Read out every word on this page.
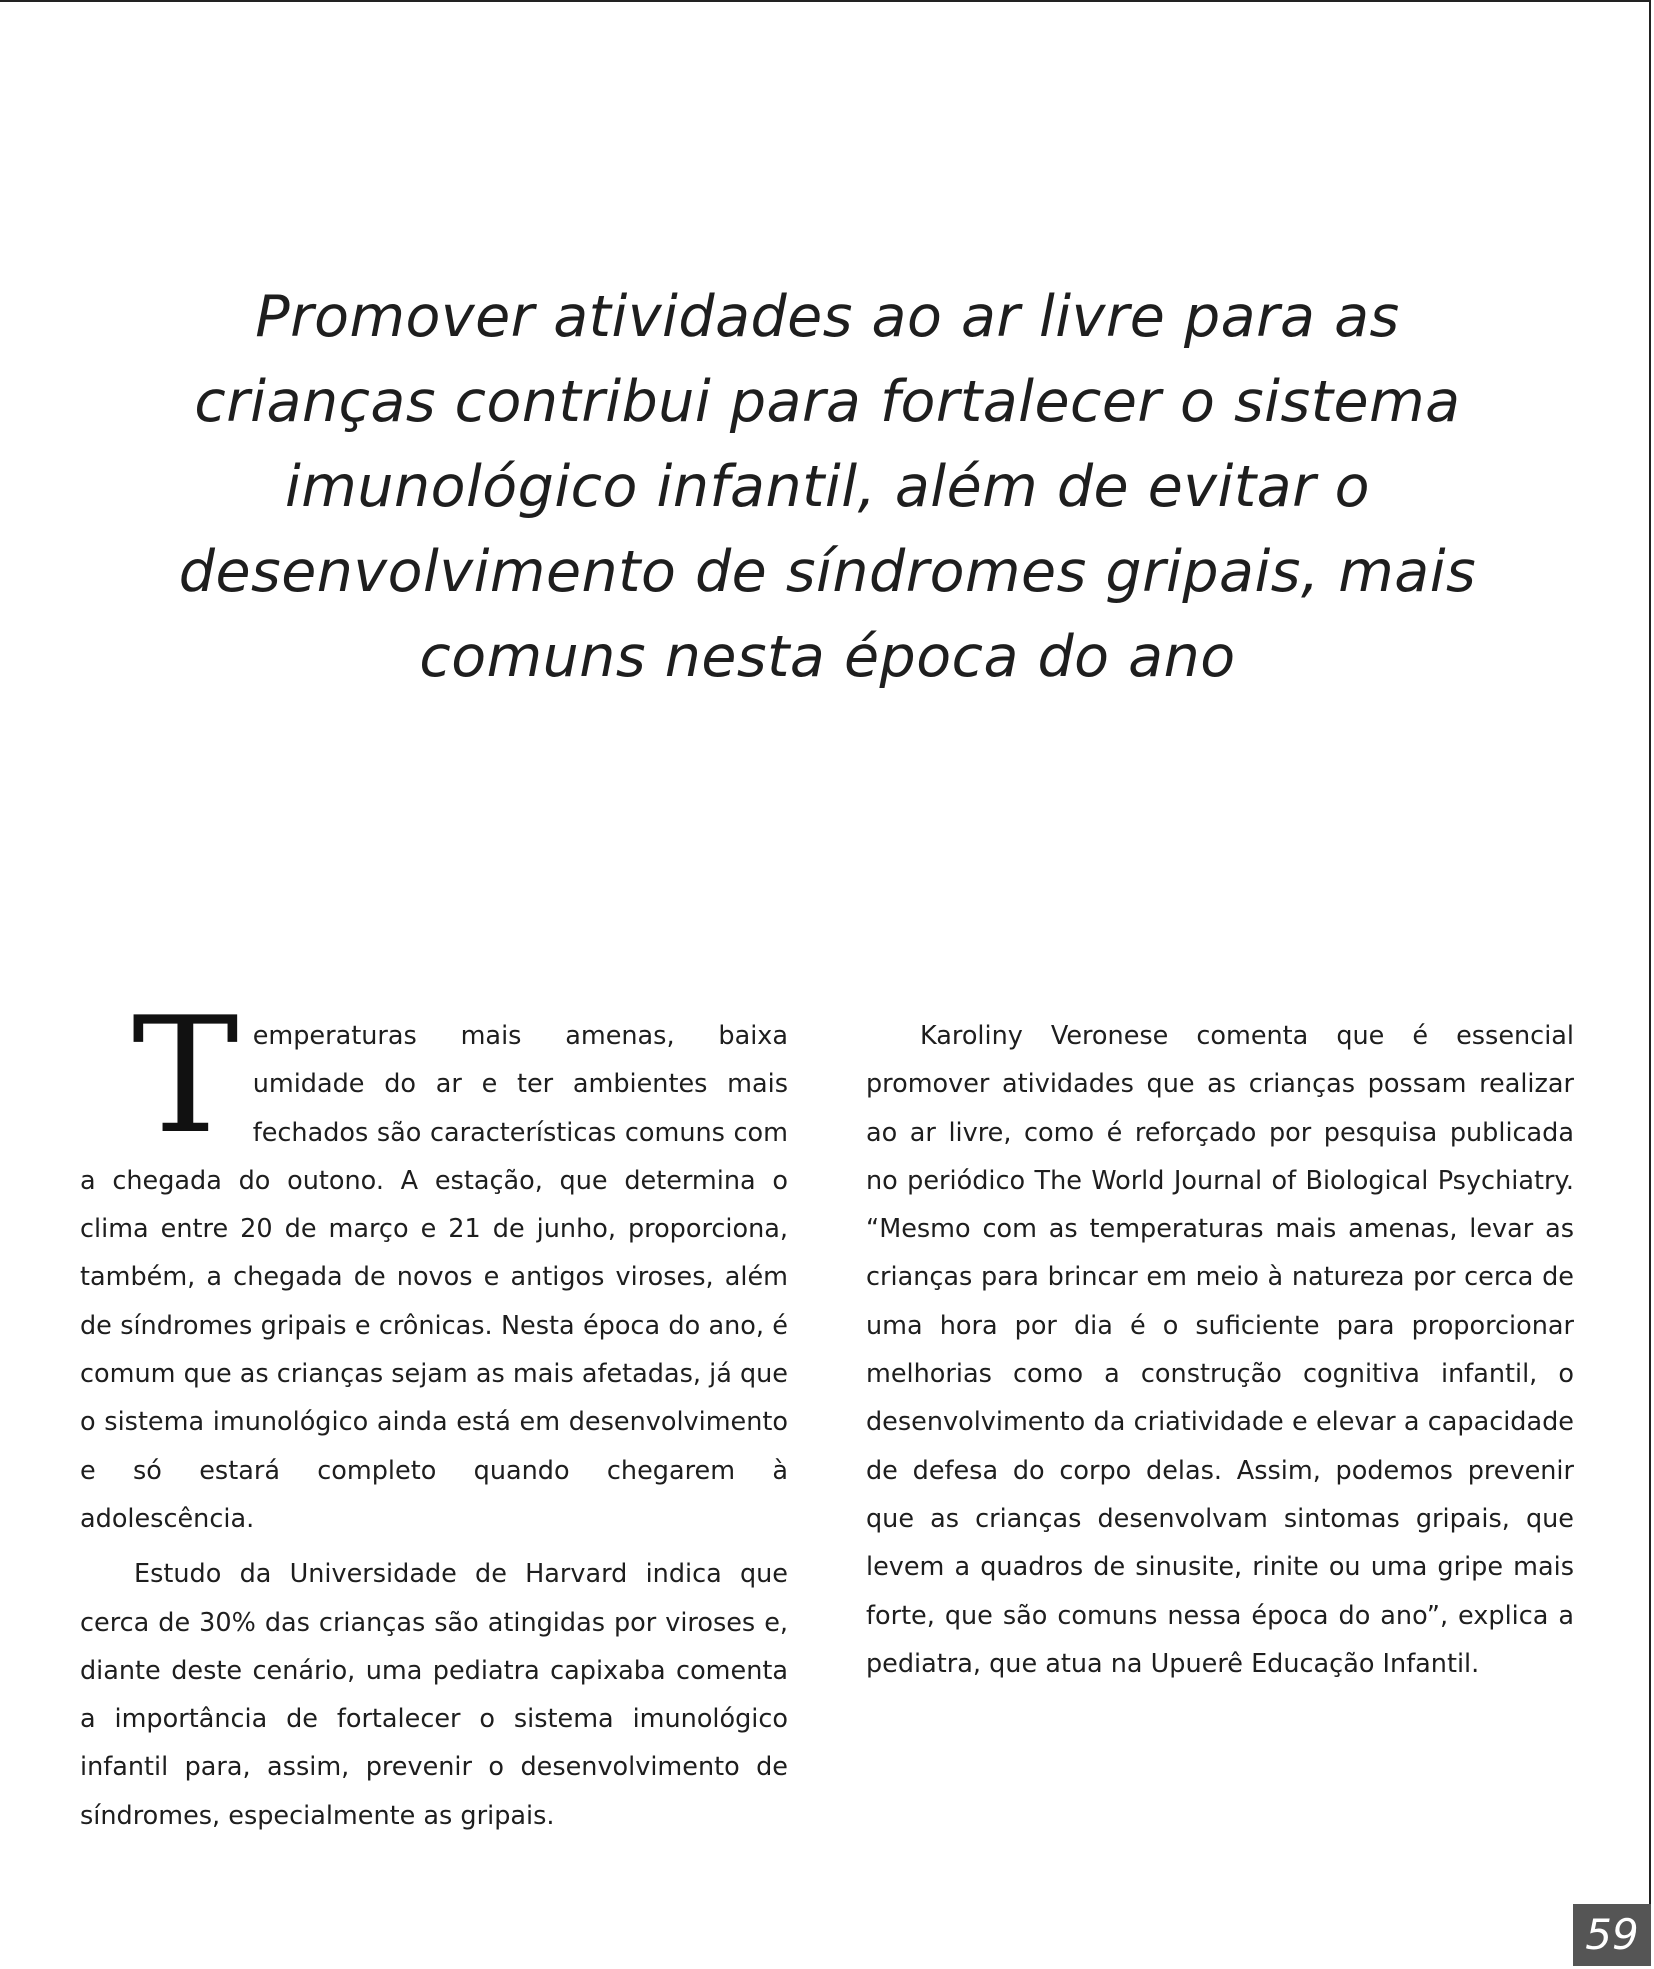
Promover atividades ao ar livre para as crianças contribui para fortalecer o sistema imunológico infantil, além de evitar o desenvolvimento de síndromes gripais, mais comuns nesta época do ano

Temperaturas mais amenas, baixa umidade do ar e ter ambientes mais fechados são características comuns com a chegada do outono. A estação, que determina o clima entre 20 de março e 21 de junho, proporciona, também, a chegada de novos e antigos viroses, além de síndromes gripais e crônicas. Nesta época do ano, é comum que as crianças sejam as mais afetadas, já que o sistema imunológico ainda está em desenvolvimento e só estará completo quando chegarem à adolescência.

Estudo da Universidade de Harvard indica que cerca de 30% das crianças são atingidas por viroses e, diante deste cenário, uma pediatra capixaba comenta a importância de fortalecer o sistema imunológico infantil para, assim, prevenir o desenvolvimento de síndromes, especialmente as gripais.

Karoliny Veronese comenta que é essencial promover atividades que as crianças possam realizar ao ar livre, como é reforçado por pesquisa publicada no periódico The World Journal of Biological Psychiatry. “Mesmo com as temperaturas mais amenas, levar as crianças para brincar em meio à natureza por cerca de uma hora por dia é o suficiente para proporcionar melhorias como a construção cognitiva infantil, o desenvolvimento da criatividade e elevar a capacidade de defesa do corpo delas. Assim, podemos prevenir que as crianças desenvolvam sintomas gripais, que levem a quadros de sinusite, rinite ou uma gripe mais forte, que são comuns nessa época do ano”, explica a pediatra, que atua na Upuerê Educação Infantil.

59
